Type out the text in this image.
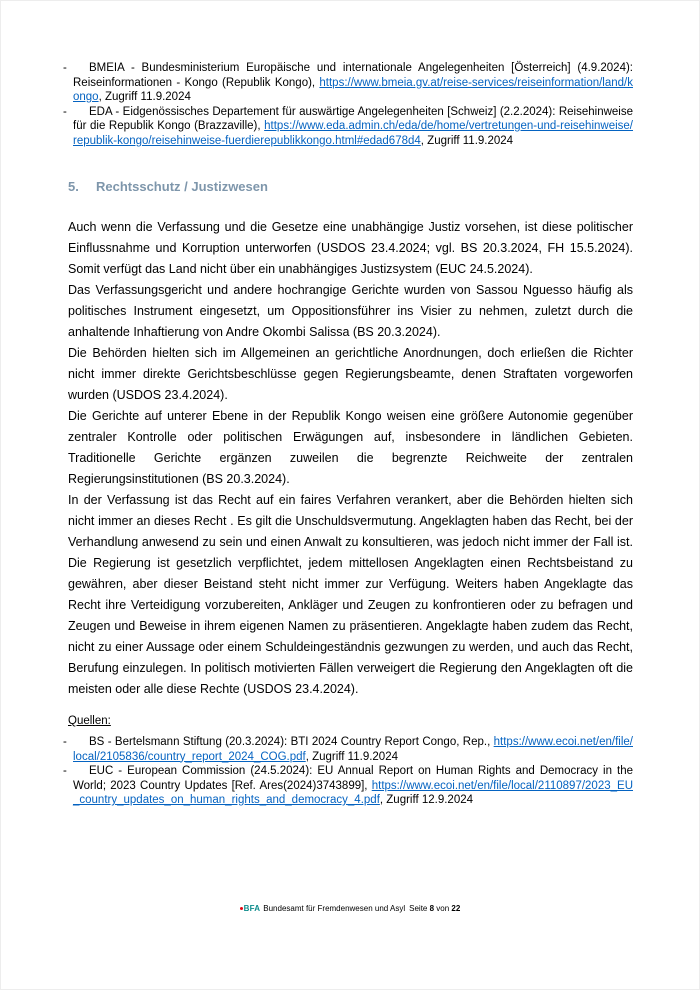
- BMEIA - Bundesministerium Europäische und internationale Angelegenheiten [Österreich] (4.9.2024): Reiseinformationen - Kongo (Republik Kongo), https://www.bmeia.gv.at/reise-services/reiseinformation/land/kongo, Zugriff 11.9.2024
- EDA - Eidgenössisches Departement für auswärtige Angelegenheiten [Schweiz] (2.2.2024): Reisehinweise für die Republik Kongo (Brazzaville), https://www.eda.admin.ch/eda/de/home/vertretungen-und-reisehinweise/republik-kongo/reisehinweise-fuerdierepublikkongo.html#edad678d4, Zugriff 11.9.2024
5. Rechtsschutz / Justizwesen

Auch wenn die Verfassung und die Gesetze eine unabhängige Justiz vorsehen, ist diese politischer Einflussnahme und Korruption unterworfen (USDOS 23.4.2024; vgl. BS 20.3.2024, FH 15.5.2024). Somit verfügt das Land nicht über ein unabhängiges Justizsystem (EUC 24.5.2024).

Das Verfassungsgericht und andere hochrangige Gerichte wurden von Sassou Nguesso häufig als politisches Instrument eingesetzt, um Oppositionsführer ins Visier zu nehmen, zuletzt durch die anhaltende Inhaftierung von Andre Okombi Salissa (BS 20.3.2024).

Die Behörden hielten sich im Allgemeinen an gerichtliche Anordnungen, doch erließen die Richter nicht immer direkte Gerichtsbeschlüsse gegen Regierungsbeamte, denen Straftaten vorgeworfen wurden (USDOS 23.4.2024).

Die Gerichte auf unterer Ebene in der Republik Kongo weisen eine größere Autonomie gegenüber zentraler Kontrolle oder politischen Erwägungen auf, insbesondere in ländlichen Gebieten. Traditionelle Gerichte ergänzen zuweilen die begrenzte Reichweite der zentralen Regierungsinstitutionen (BS 20.3.2024).

In der Verfassung ist das Recht auf ein faires Verfahren verankert, aber die Behörden hielten sich nicht immer an dieses Recht . Es gilt die Unschuldsvermutung. Angeklagten haben das Recht, bei der Verhandlung anwesend zu sein und einen Anwalt zu konsultieren, was jedoch nicht immer der Fall ist. Die Regierung ist gesetzlich verpflichtet, jedem mittellosen Angeklagten einen Rechtsbeistand zu gewähren, aber dieser Beistand steht nicht immer zur Verfügung. Weiters haben Angeklagte das Recht ihre Verteidigung vorzubereiten, Ankläger und Zeugen zu konfrontieren oder zu befragen und Zeugen und Beweise in ihrem eigenen Namen zu präsentieren. Angeklagte haben zudem das Recht, nicht zu einer Aussage oder einem Schuldeingeständnis gezwungen zu werden, und auch das Recht, Berufung einzulegen. In politisch motivierten Fällen verweigert die Regierung den Angeklagten oft die meisten oder alle diese Rechte (USDOS 23.4.2024).

Quellen:

- BS - Bertelsmann Stiftung (20.3.2024): BTI 2024 Country Report Congo, Rep., https://www.ecoi.net/en/file/local/2105836/country_report_2024_COG.pdf, Zugriff 11.9.2024
- EUC - European Commission (24.5.2024): EU Annual Report on Human Rights and Democracy in the World; 2023 Country Updates [Ref. Ares(2024)3743899], https://www.ecoi.net/en/file/local/2110897/2023_EU_country_updates_on_human_rights_and_democracy_4.pdf, Zugriff 12.9.2024
BFA Bundesamt für Fremdenwesen und Asyl Seite 8 von 22
